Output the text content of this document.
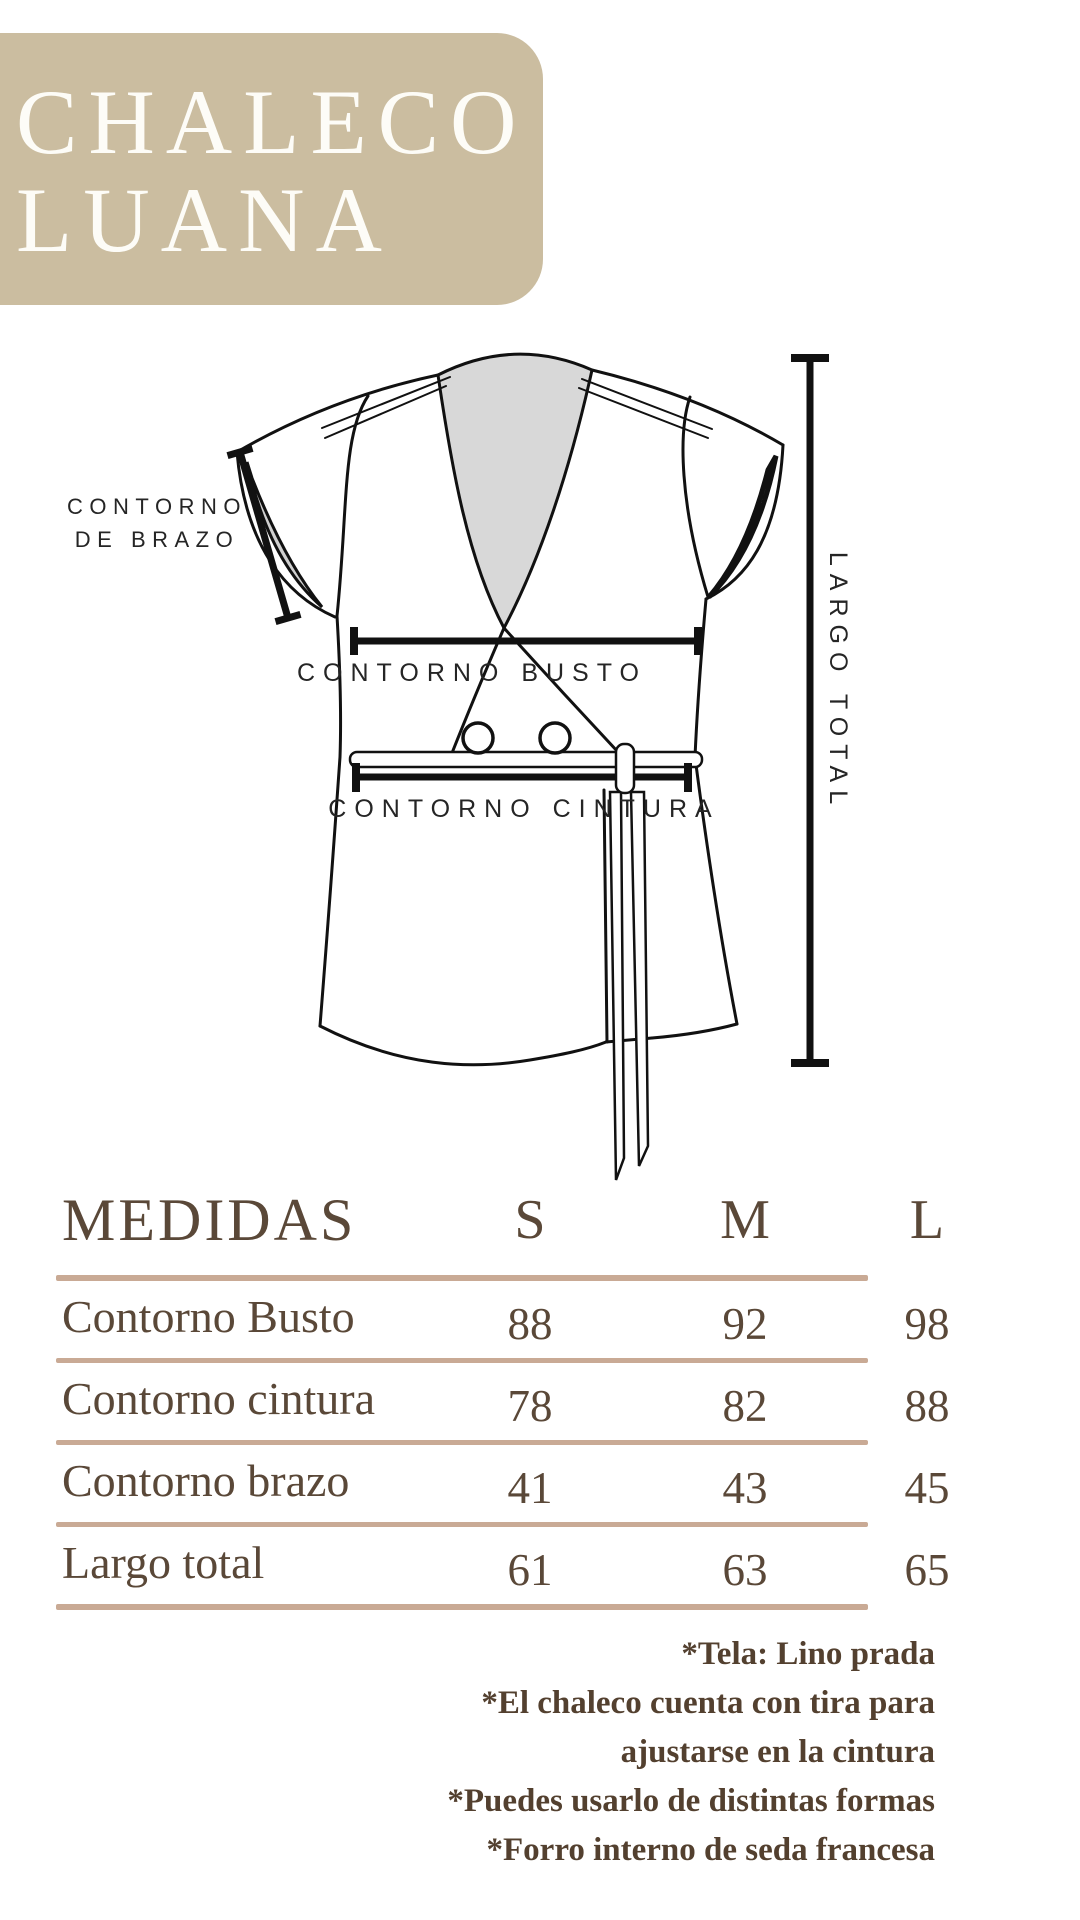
CHALECO
LUANA
CONTORNO
DE BRAZO
CONTORNO BUSTO
CONTORNO CINTURA	LARGO TOTAL
MEDIDAS	S	M	L
Contorno Busto	88	92	98
Contorno cintura	78	82	88
Contorno brazo	41	43	45
Largo total	61	63	65
*Tela: Lino prada
*El chaleco cuenta con tira para
ajustarse en la cintura
*Puedes usarlo de distintas formas
*Forro interno de seda francesa
